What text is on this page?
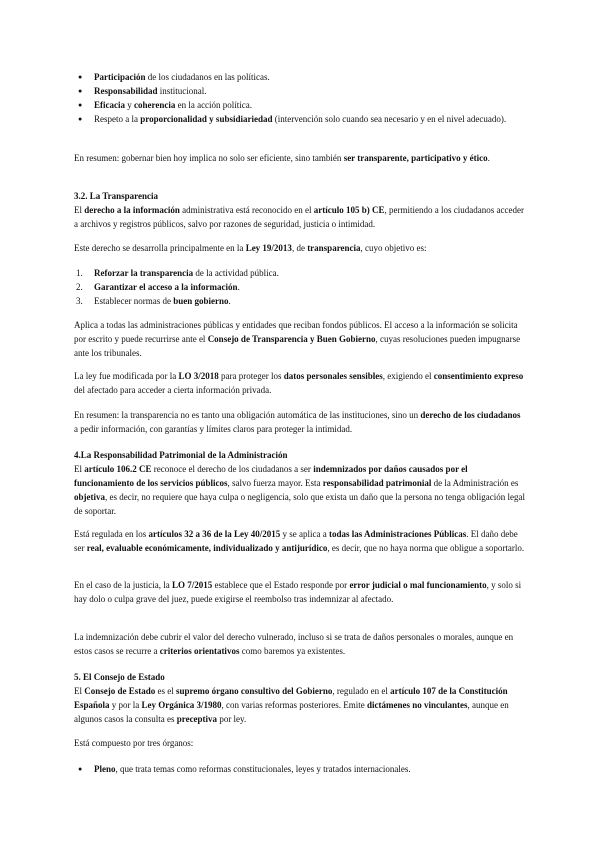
● Participación de los ciudadanos en las políticas.
● Responsabilidad institucional.
● Eficacia y coherencia en la acción política.
● Respeto a la proporcionalidad y subsidiariedad (intervención solo cuando sea necesario y en el nivel adecuado).

En resumen: gobernar bien hoy implica no solo ser eficiente, sino también ser transparente, participativo y ético.

3.2. La Transparencia

El derecho a la información administrativa está reconocido en el artículo 105 b) CE, permitiendo a los ciudadanos acceder a archivos y registros públicos, salvo por razones de seguridad, justicia o intimidad.

Este derecho se desarrolla principalmente en la Ley 19/2013, de transparencia, cuyo objetivo es:

1. Reforzar la transparencia de la actividad pública.
2. Garantizar el acceso a la información.
3. Establecer normas de buen gobierno.

Aplica a todas las administraciones públicas y entidades que reciban fondos públicos. El acceso a la información se solicita por escrito y puede recurrirse ante el Consejo de Transparencia y Buen Gobierno, cuyas resoluciones pueden impugnarse ante los tribunales.

La ley fue modificada por la LO 3/2018 para proteger los datos personales sensibles, exigiendo el consentimiento expreso del afectado para acceder a cierta información privada.

En resumen: la transparencia no es tanto una obligación automática de las instituciones, sino un derecho de los ciudadanos a pedir información, con garantías y límites claros para proteger la intimidad.

4.La Responsabilidad Patrimonial de la Administración

El artículo 106.2 CE reconoce el derecho de los ciudadanos a ser indemnizados por daños causados por el funcionamiento de los servicios públicos, salvo fuerza mayor. Esta responsabilidad patrimonial de la Administración es objetiva, es decir, no requiere que haya culpa o negligencia, solo que exista un daño que la persona no tenga obligación legal de soportar.

Está regulada en los artículos 32 a 36 de la Ley 40/2015 y se aplica a todas las Administraciones Públicas. El daño debe ser real, evaluable económicamente, individualizado y antijurídico, es decir, que no haya norma que obligue a soportarlo.

En el caso de la justicia, la LO 7/2015 establece que el Estado responde por error judicial o mal funcionamiento, y solo si hay dolo o culpa grave del juez, puede exigirse el reembolso tras indemnizar al afectado.

La indemnización debe cubrir el valor del derecho vulnerado, incluso si se trata de daños personales o morales, aunque en estos casos se recurre a criterios orientativos como baremos ya existentes.

5. El Consejo de Estado

El Consejo de Estado es el supremo órgano consultivo del Gobierno, regulado en el artículo 107 de la Constitución Española y por la Ley Orgánica 3/1980, con varias reformas posteriores. Emite dictámenes no vinculantes, aunque en algunos casos la consulta es preceptiva por ley.

Está compuesto por tres órganos:

● Pleno, que trata temas como reformas constitucionales, leyes y tratados internacionales.
